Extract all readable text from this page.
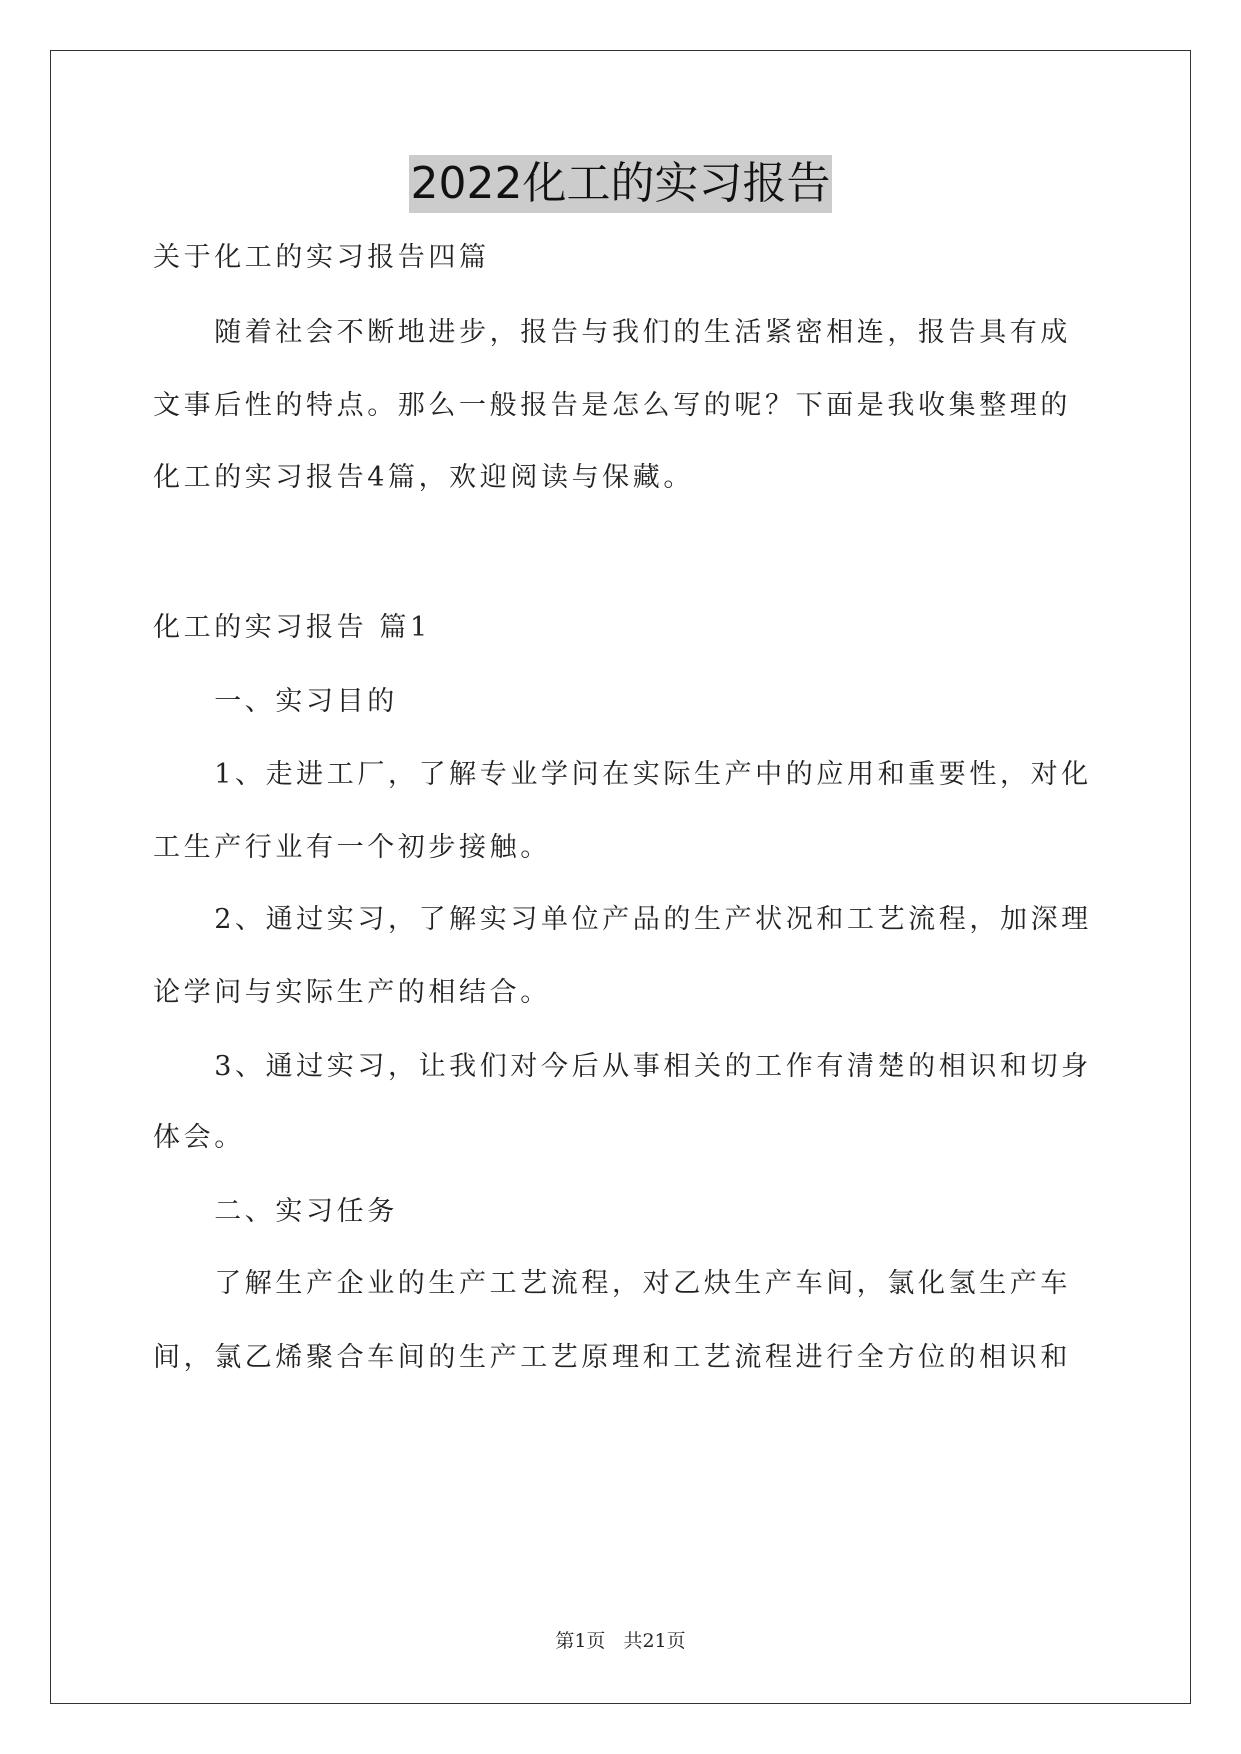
2022化工的实习报告
关于化工的实习报告四篇
　　随着社会不断地进步，报告与我们的生活紧密相连，报告具有成
文事后性的特点。那么一般报告是怎么写的呢？下面是我收集整理的
化工的实习报告4篇，欢迎阅读与保藏。
化工的实习报告 篇1
　　一、实习目的
　　1、走进工厂，了解专业学问在实际生产中的应用和重要性，对化
工生产行业有一个初步接触。
　　2、通过实习，了解实习单位产品的生产状况和工艺流程，加深理
论学问与实际生产的相结合。
　　3、通过实习，让我们对今后从事相关的工作有清楚的相识和切身
体会。
　　二、实习任务
　　了解生产企业的生产工艺流程，对乙炔生产车间，氯化氢生产车
间，氯乙烯聚合车间的生产工艺原理和工艺流程进行全方位的相识和
第1页 共21页
